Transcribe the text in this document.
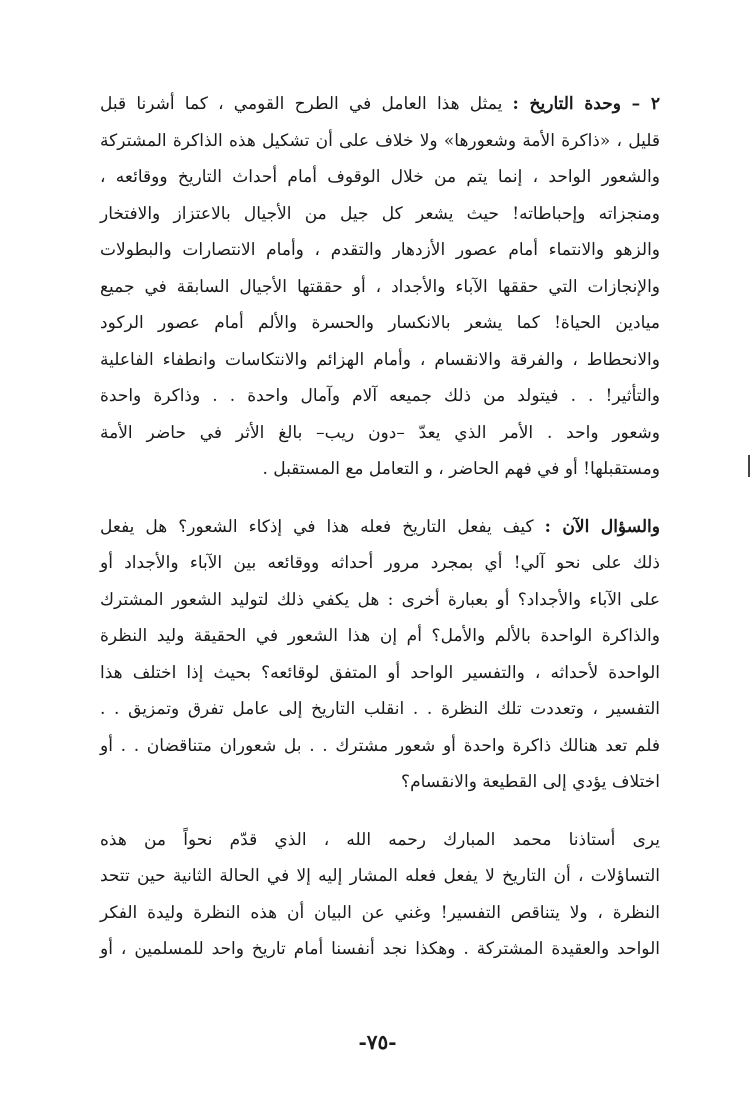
٢ – وحدة التاريخ : يمثل هذا العامل في الطرح القومي ، كما أشرنا قبل
قليل ، «ذاكرة الأمة وشعورها» ولا خلاف على أن تشكيل هذه الذاكرة المشتركة
والشعور الواحد ، إنما يتم من خلال الوقوف أمام أحداث التاريخ ووقائعه ،
ومنجزاته وإحباطاته! حيث يشعر كل جيل من الأجيال بالاعتزاز والافتخار
والزهو والانتماء أمام عصور الأزدهار والتقدم ، وأمام الانتصارات والبطولات
والإنجازات التي حققها الآباء والأجداد ، أو حققتها الأجيال السابقة في جميع
ميادين الحياة! كما يشعر بالانكسار والحسرة والألم أمام عصور الركود
والانحطاط ، والفرقة والانقسام ، وأمام الهزائم والانتكاسات وانطفاء الفاعلية
والتأثير! . . فيتولد من ذلك جميعه آلام وآمال واحدة . . وذاكرة واحدة
وشعور واحد . الأمر الذي يعدّ –دون ريب– بالغ الأثر في حاضر الأمة
ومستقبلها! أو في فهم الحاضر ، و التعامل مع المستقبل .
والسؤال الآن : كيف يفعل التاريخ فعله هذا في إذكاء الشعور؟ هل يفعل
ذلك على نحو آلي! أي بمجرد مرور أحداثه ووقائعه بين الآباء والأجداد أو
على الآباء والأجداد؟ أو بعبارة أخرى : هل يكفي ذلك لتوليد الشعور المشترك
والذاكرة الواحدة بالألم والأمل؟ أم إن هذا الشعور في الحقيقة وليد النظرة
الواحدة لأحداثه ، والتفسير الواحد أو المتفق لوقائعه؟ بحيث إذا اختلف هذا
التفسير ، وتعددت تلك النظرة . . انقلب التاريخ إلى عامل تفرق وتمزيق . .
فلم تعد هنالك ذاكرة واحدة أو شعور مشترك . . بل شعوران متناقضان . . أو
اختلاف يؤدي إلى القطيعة والانقسام؟
يرى أستاذنا محمد المبارك رحمه الله ، الذي قدّم نحواً من هذه
التساؤلات ، أن التاريخ لا يفعل فعله المشار إليه إلا في الحالة الثانية حين تتحد
النظرة ، ولا يتناقص التفسير! وغني عن البيان أن هذه النظرة وليدة الفكر
الواحد والعقيدة المشتركة . وهكذا نجد أنفسنا أمام تاريخ واحد للمسلمين ، أو
-٧٥-
